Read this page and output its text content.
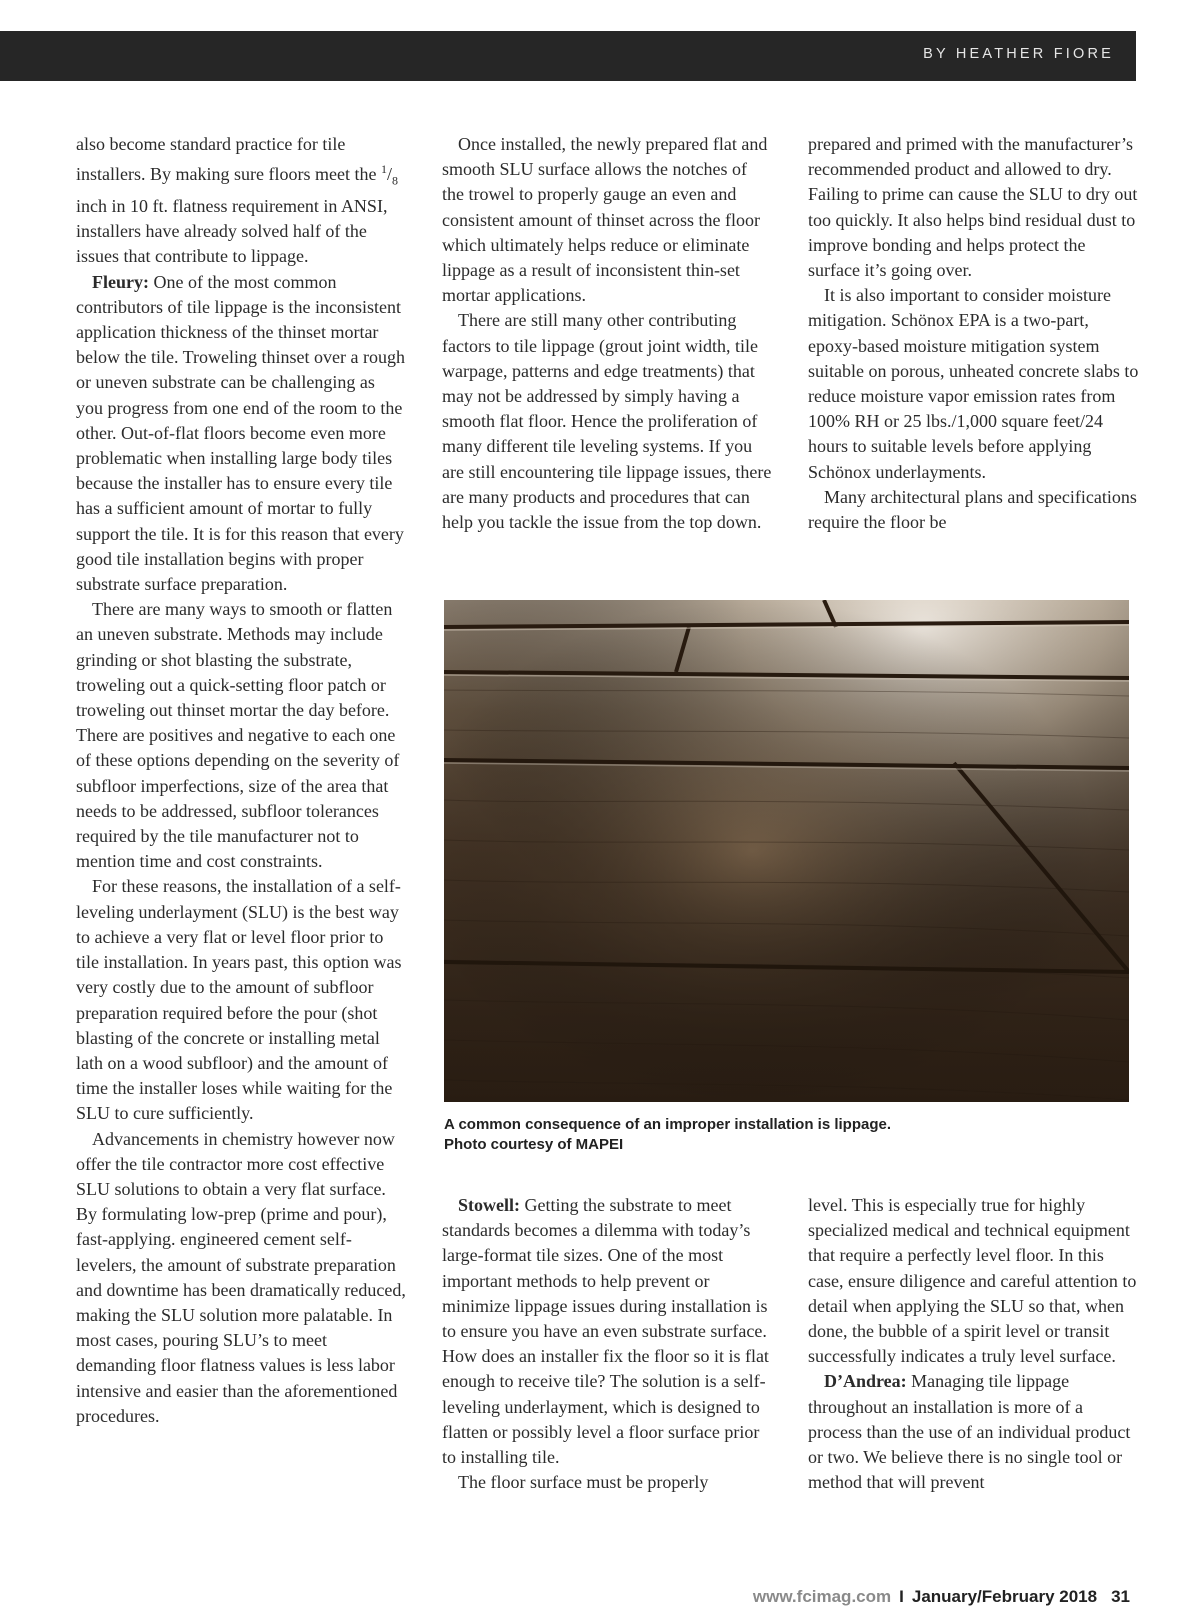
BY HEATHER FIORE

also become standard practice for tile installers. By making sure floors meet the $^1/_8$ inch in 10 ft. flatness requirement in ANSI, installers have already solved half of the issues that contribute to lippage.

Fleury: One of the most common contributors of tile lippage is the inconsistent application thickness of the thinset mortar below the tile. Troweling thinset over a rough or uneven substrate can be challenging as you progress from one end of the room to the other. Out-of-flat floors become even more problematic when installing large body tiles because the installer has to ensure every tile has a sufficient amount of mortar to fully support the tile. It is for this reason that every good tile installation begins with proper substrate surface preparation.

There are many ways to smooth or flatten an uneven substrate. Methods may include grinding or shot blasting the substrate, troweling out a quick-setting floor patch or troweling out thinset mortar the day before. There are positives and negative to each one of these options depending on the severity of subfloor imperfections, size of the area that needs to be addressed, subfloor tolerances required by the tile manufacturer not to mention time and cost constraints.

For these reasons, the installation of a self-leveling underlayment (SLU) is the best way to achieve a very flat or level floor prior to tile installation. In years past, this option was very costly due to the amount of subfloor preparation required before the pour (shot blasting of the concrete or installing metal lath on a wood subfloor) and the amount of time the installer loses while waiting for the SLU to cure sufficiently.

Advancements in chemistry however now offer the tile contractor more cost effective SLU solutions to obtain a very flat surface. By formulating low-prep (prime and pour), fast-applying. engineered cement self-levelers, the amount of substrate preparation and downtime has been dramatically reduced, making the SLU solution more palatable. In most cases, pouring SLU’s to meet demanding floor flatness values is less labor intensive and easier than the aforementioned procedures.

Once installed, the newly prepared flat and smooth SLU surface allows the notches of the trowel to properly gauge an even and consistent amount of thinset across the floor which ultimately helps reduce or eliminate lippage as a result of inconsistent thin-set mortar applications.

There are still many other contributing factors to tile lippage (grout joint width, tile warpage, patterns and edge treatments) that may not be addressed by simply having a smooth flat floor. Hence the proliferation of many different tile leveling systems. If you are still encountering tile lippage issues, there are many products and procedures that can help you tackle the issue from the top down.

prepared and primed with the manufacturer’s recommended product and allowed to dry. Failing to prime can cause the SLU to dry out too quickly. It also helps bind residual dust to improve bonding and helps protect the surface it’s going over.

It is also important to consider moisture mitigation. Schönox EPA is a two-part, epoxy-based moisture mitigation system suitable on porous, unheated concrete slabs to reduce moisture vapor emission rates from 100% RH or 25 lbs./1,000 square feet/24 hours to suitable levels before applying Schönox underlayments.

Many architectural plans and specifications require the floor be

A common consequence of an improper installation is lippage.
Photo courtesy of MAPEI

Stowell: Getting the substrate to meet standards becomes a dilemma with today’s large-format tile sizes. One of the most important methods to help prevent or minimize lippage issues during installation is to ensure you have an even substrate surface. How does an installer fix the floor so it is flat enough to receive tile? The solution is a self-leveling underlayment, which is designed to flatten or possibly level a floor surface prior to installing tile.

The floor surface must be properly

level. This is especially true for highly specialized medical and technical equipment that require a perfectly level floor. In this case, ensure diligence and careful attention to detail when applying the SLU so that, when done, the bubble of a spirit level or transit successfully indicates a truly level surface.

D’Andrea: Managing tile lippage throughout an installation is more of a process than the use of an individual product or two. We believe there is no single tool or method that will prevent

www.fcimag.com I January/February 2018 31
